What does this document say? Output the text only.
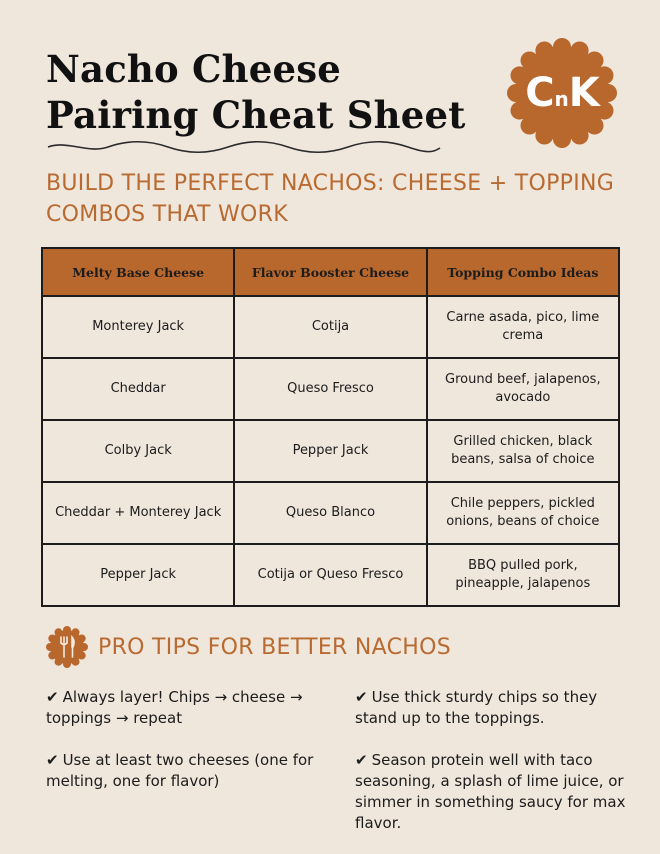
Nacho Cheese
Pairing Cheat Sheet	C n K
BUILD THE PERFECT NACHOS: CHEESE + TOPPING
COMBOS THAT WORK
Melty Base Cheese	Flavor Booster Cheese	Topping Combo Ideas
Monterey Jack	Cotija	Carne asada, pico, lime crema
Cheddar	Queso Fresco	Ground beef, jalapenos, avocado
Colby Jack	Pepper Jack	Grilled chicken, black beans, salsa of choice
Cheddar + Monterey Jack	Queso Blanco	Chile peppers, pickled onions, beans of choice
Pepper Jack	Cotija or Queso Fresco	BBQ pulled pork, pineapple, jalapenos
PRO TIPS FOR BETTER NACHOS
✔ Always layer! Chips → cheese → toppings → repeat
✔ Use thick sturdy chips so they stand up to the toppings.
✔ Use at least two cheeses (one for melting, one for flavor)
✔ Season protein well with taco seasoning, a splash of lime juice, or simmer in something saucy for max flavor.
